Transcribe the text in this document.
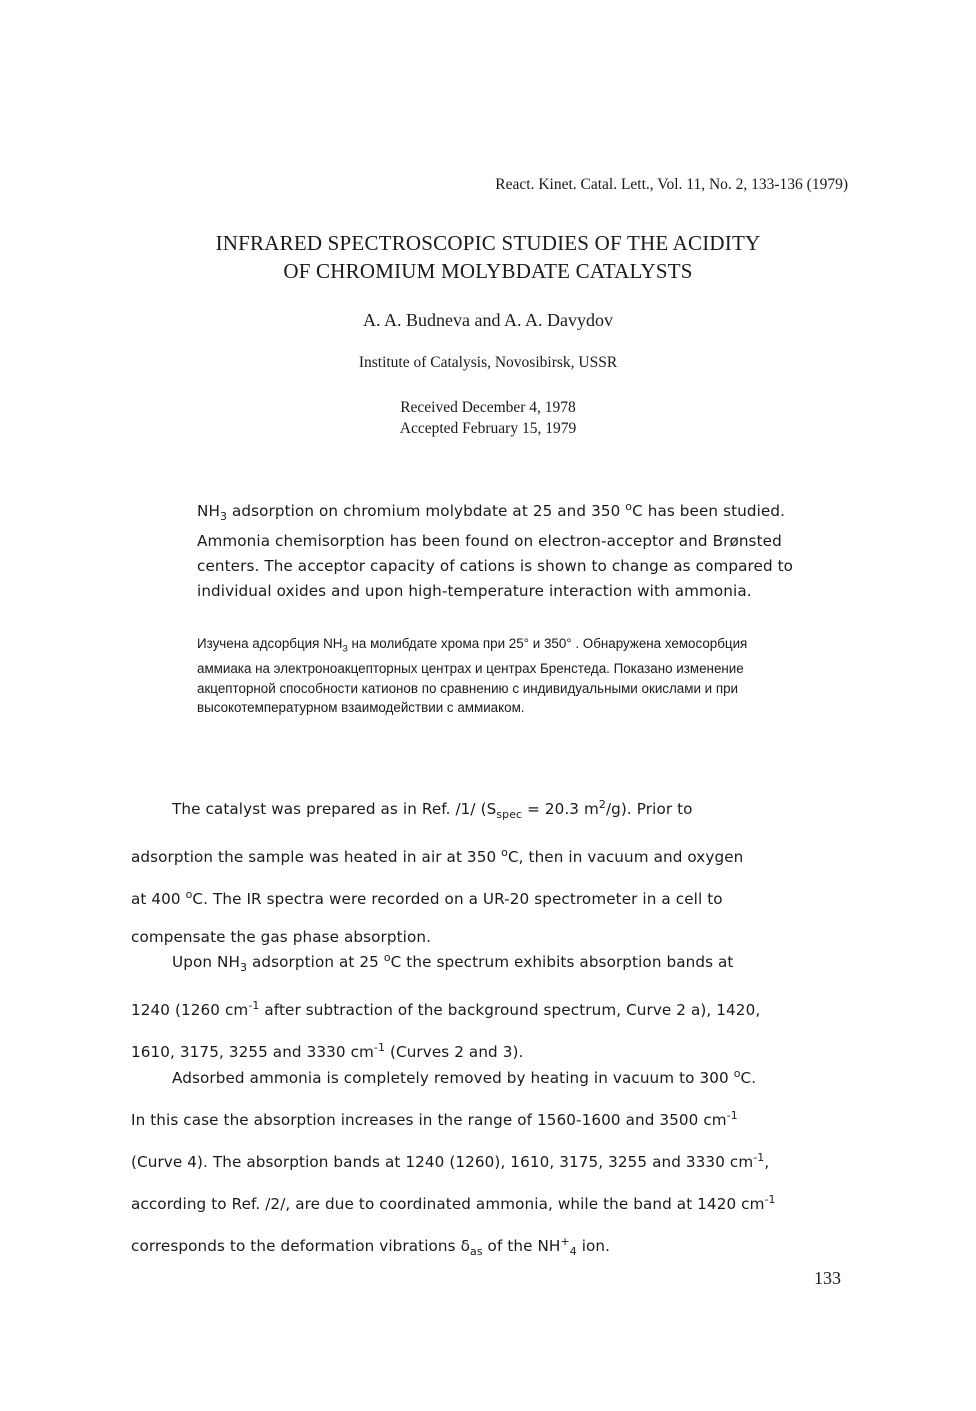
React. Kinet. Catal. Lett., Vol. 11, No. 2, 133-136 (1979)
INFRARED SPECTROSCOPIC STUDIES OF THE ACIDITY
OF CHROMIUM MOLYBDATE CATALYSTS
A. A. Budneva and A. A. Davydov
Institute of Catalysis, Novosibirsk, USSR
Received December 4, 1978
Accepted February 15, 1979
$NH_3$ adsorption on chromium molybdate at 25 and 350 $^o$C has been studied.
Ammonia chemisorption has been found on electron-acceptor and Brønsted
centers. The acceptor capacity of cations is shown to change as compared to
individual oxides and upon high-temperature interaction with ammonia.
Изучена адсорбция $NH_3$ на молибдате хрома при 25° и 350° . Обнаружена хемосорбция
аммиака на электроноакцепторных центрах и центрах Бренстеда. Показано изменение
акцепторной способности катионов по сравнению с индивидуальными окислами и при
высокотемпературном взаимодействии с аммиаком.
The catalyst was prepared as in Ref. /1/ ($S_{spec} = 20.3$ $m^2/g$). Prior to
adsorption the sample was heated in air at 350 $^o$C, then in vacuum and oxygen
at 400 $^o$C. The IR spectra were recorded on a UR-20 spectrometer in a cell to
compensate the gas phase absorption.
Upon $NH_3$ adsorption at 25 $^o$C the spectrum exhibits absorption bands at
1240 (1260 $cm^{-1}$ after subtraction of the background spectrum, Curve 2 a), 1420,
1610, 3175, 3255 and 3330 $cm^{-1}$ (Curves 2 and 3).
Adsorbed ammonia is completely removed by heating in vacuum to 300 $^o$C.
In this case the absorption increases in the range of 1560-1600 and 3500 $cm^{-1}$
(Curve 4). The absorption bands at 1240 (1260), 1610, 3175, 3255 and 3330 $cm^{-1}$,
according to Ref. /2/, are due to coordinated ammonia, while the band at 1420 $cm^{-1}$
corresponds to the deformation vibrations $\delta_{as}$ of the $NH^+_4$ ion.
133
